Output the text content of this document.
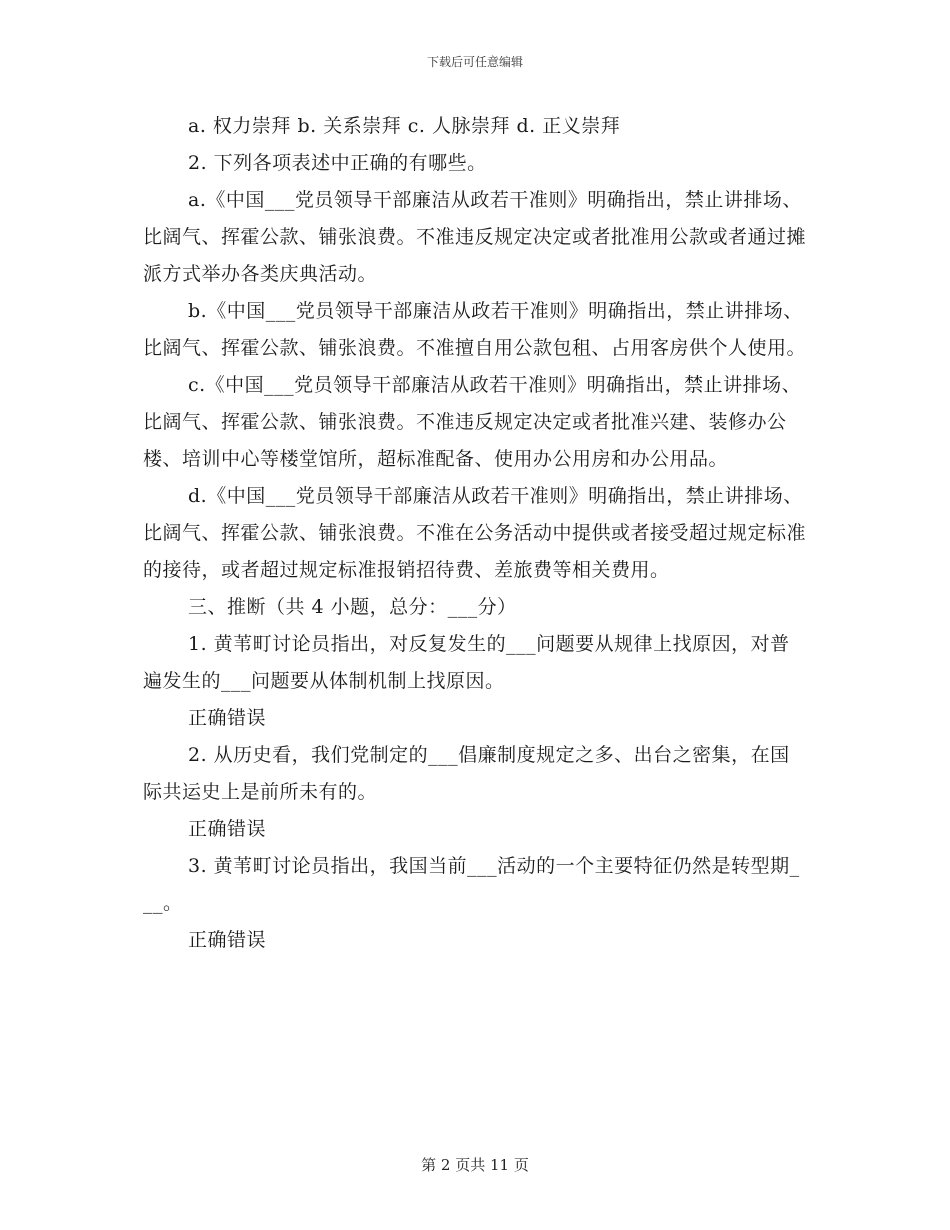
下载后可任意编辑

a. 权力崇拜 b. 关系崇拜 c. 人脉崇拜 d. 正义崇拜

2. 下列各项表述中正确的有哪些。

a.《中国___党员领导干部廉洁从政若干准则》明确指出，禁止讲排场、比阔气、挥霍公款、铺张浪费。不准违反规定决定或者批准用公款或者通过摊派方式举办各类庆典活动。

b.《中国___党员领导干部廉洁从政若干准则》明确指出，禁止讲排场、比阔气、挥霍公款、铺张浪费。不准擅自用公款包租、占用客房供个人使用。

c.《中国___党员领导干部廉洁从政若干准则》明确指出，禁止讲排场、比阔气、挥霍公款、铺张浪费。不准违反规定决定或者批准兴建、装修办公楼、培训中心等楼堂馆所，超标准配备、使用办公用房和办公用品。

d.《中国___党员领导干部廉洁从政若干准则》明确指出，禁止讲排场、比阔气、挥霍公款、铺张浪费。不准在公务活动中提供或者接受超过规定标准的接待，或者超过规定标准报销招待费、差旅费等相关费用。

三、推断（共 4 小题，总分：___分）

1. 黄苇町讨论员指出，对反复发生的___问题要从规律上找原因，对普遍发生的___问题要从体制机制上找原因。

正确错误

2. 从历史看，我们党制定的___倡廉制度规定之多、出台之密集，在国际共运史上是前所未有的。

正确错误

3. 黄苇町讨论员指出，我国当前___活动的一个主要特征仍然是转型期___。

正确错误

第 2 页共 11 页
